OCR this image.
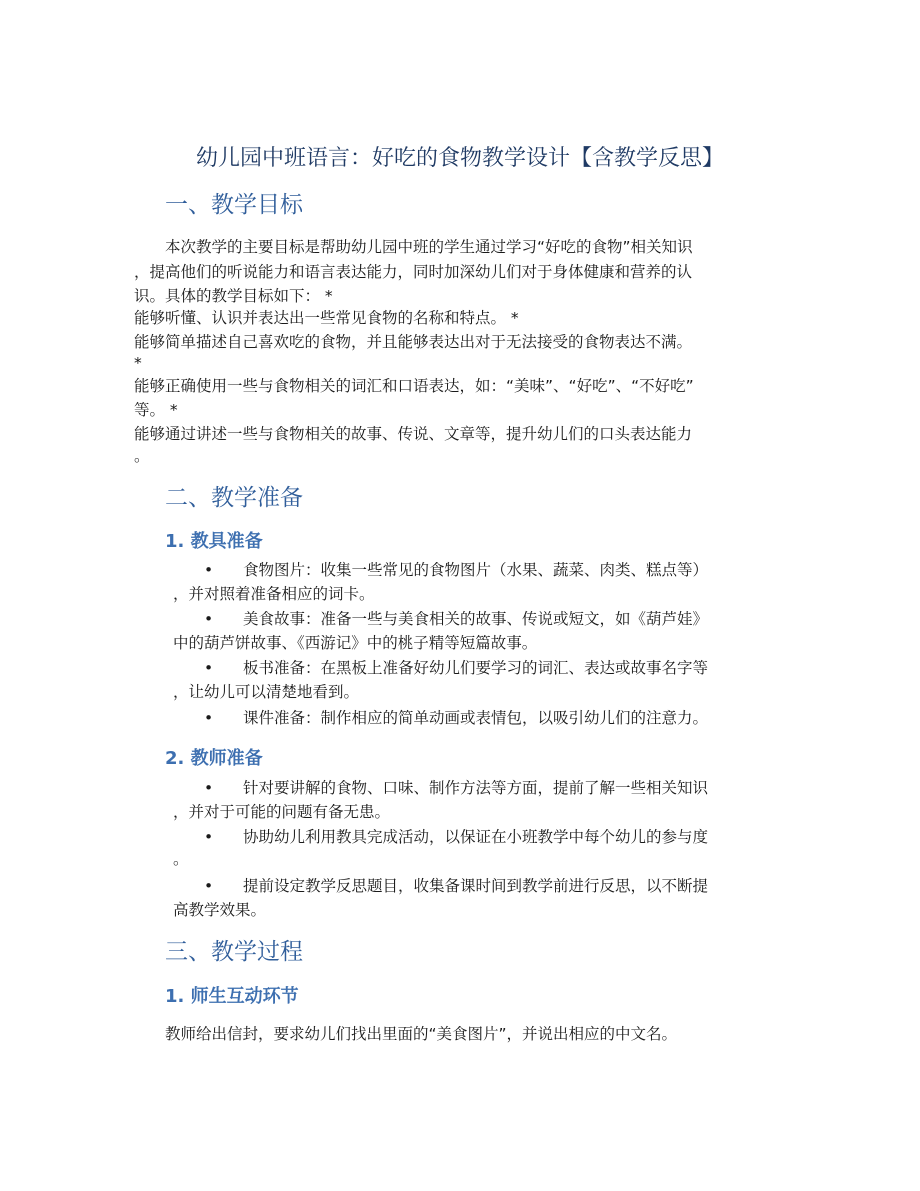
幼儿园中班语言：好吃的食物教学设计【含教学反思】
一、教学目标

本次教学的主要目标是帮助幼儿园中班的学生通过学习“好吃的食物”相关知识

，提高他们的听说能力和语言表达能力，同时加深幼儿们对于身体健康和营养的认

识。具体的教学目标如下： *

能够听懂、认识并表达出一些常见食物的名称和特点。 *

能够简单描述自己喜欢吃的食物，并且能够表达出对于无法接受的食物表达不满。

*

能够正确使用一些与食物相关的词汇和口语表达，如：“美味”、“好吃”、“不好吃”

等。 *

能够通过讲述一些与食物相关的故事、传说、文章等，提升幼儿们的口头表达能力

。

二、教学准备
1. 教具准备
• 食物图片：收集一些常见的食物图片（水果、蔬菜、肉类、糕点等）

，并对照着准备相应的词卡。

• 美食故事：准备一些与美食相关的故事、传说或短文，如《葫芦娃》

中的葫芦饼故事、《西游记》中的桃子精等短篇故事。

• 板书准备：在黑板上准备好幼儿们要学习的词汇、表达或故事名字等

，让幼儿可以清楚地看到。

• 课件准备：制作相应的简单动画或表情包，以吸引幼儿们的注意力。

2. 教师准备
• 针对要讲解的食物、口味、制作方法等方面，提前了解一些相关知识

，并对于可能的问题有备无患。

• 协助幼儿利用教具完成活动，以保证在小班教学中每个幼儿的参与度

。

• 提前设定教学反思题目，收集备课时间到教学前进行反思，以不断提

高教学效果。

三、教学过程
1. 师生互动环节

教师给出信封，要求幼儿们找出里面的“美食图片”，并说出相应的中文名。
